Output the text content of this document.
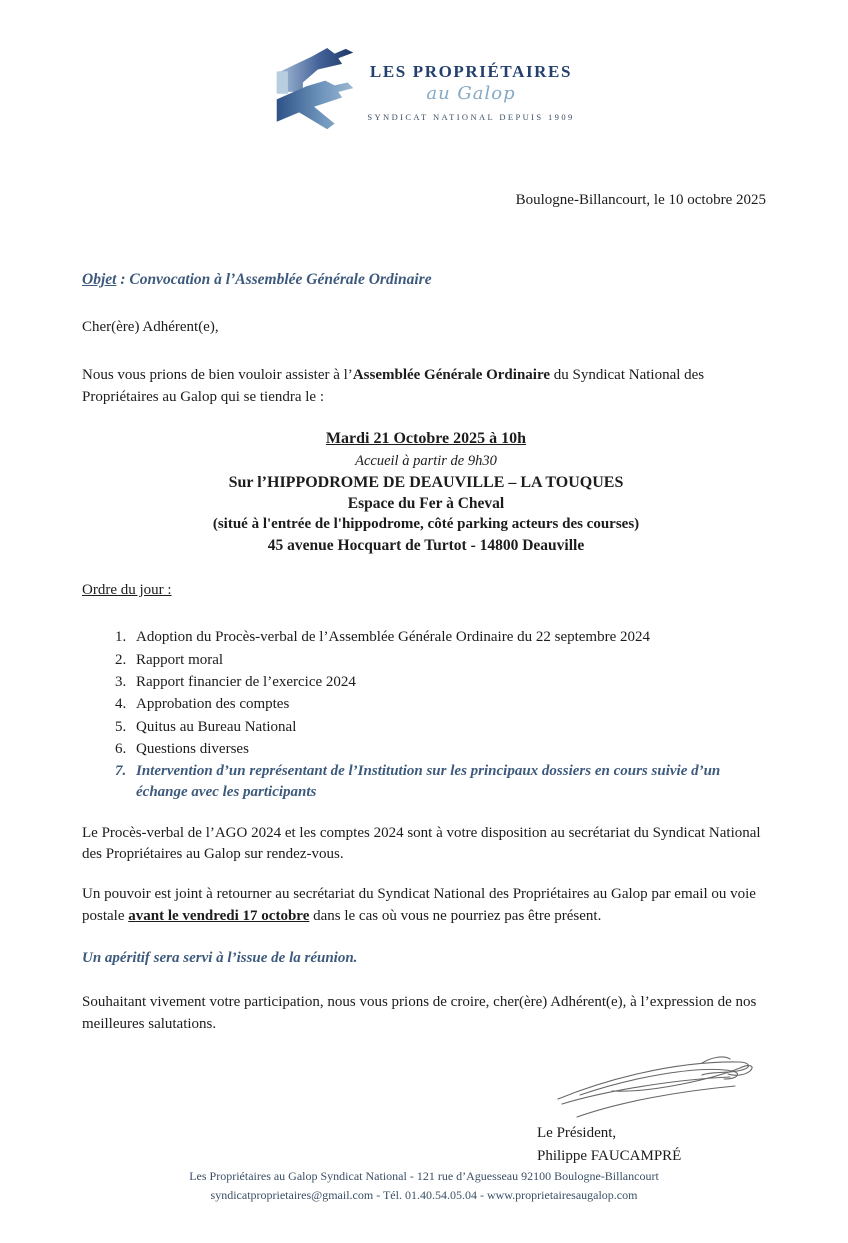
LES PROPRIÉTAIRES
au Galop
SYNDICAT NATIONAL DEPUIS 1909
Boulogne-Billancourt, le 10 octobre 2025
Objet : Convocation à l’Assemblée Générale Ordinaire
Cher(ère) Adhérent(e),
Nous vous prions de bien vouloir assister à l’Assemblée Générale Ordinaire du Syndicat National des Propriétaires au Galop qui se tiendra le :
Mardi 21 Octobre 2025 à 10h
Accueil à partir de 9h30
Sur l’HIPPODROME DE DEAUVILLE – LA TOUQUES
Espace du Fer à Cheval
(situé à l'entrée de l'hippodrome, côté parking acteurs des courses)
45 avenue Hocquart de Turtot - 14800 Deauville
Ordre du jour :
1. Adoption du Procès-verbal de l’Assemblée Générale Ordinaire du 22 septembre 2024
2. Rapport moral
3. Rapport financier de l’exercice 2024
4. Approbation des comptes
5. Quitus au Bureau National
6. Questions diverses
7. Intervention d’un représentant de l’Institution sur les principaux dossiers en cours suivie d’un échange avec les participants
Le Procès-verbal de l’AGO 2024 et les comptes 2024 sont à votre disposition au secrétariat du Syndicat National des Propriétaires au Galop sur rendez-vous.
Un pouvoir est joint à retourner au secrétariat du Syndicat National des Propriétaires au Galop par email ou voie postale avant le vendredi 17 octobre dans le cas où vous ne pourriez pas être présent.
Un apéritif sera servi à l’issue de la réunion.
Souhaitant vivement votre participation, nous vous prions de croire, cher(ère) Adhérent(e), à l’expression de nos meilleures salutations.
Le Président,
Philippe FAUCAMPRÉ
Les Propriétaires au Galop Syndicat National - 121 rue d’Aguesseau 92100 Boulogne-Billancourt
syndicatproprietaires@gmail.com - Tél. 01.40.54.05.04 - www.proprietairesaugalop.com
